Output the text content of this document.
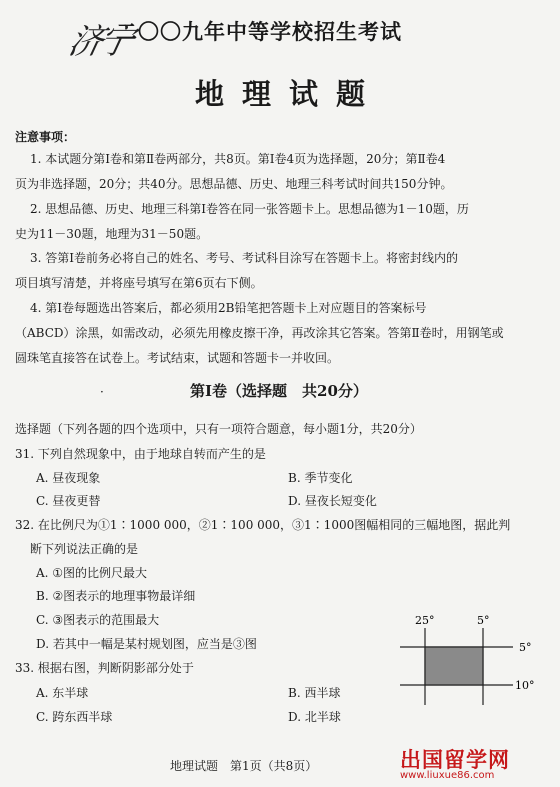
济宁
二〇〇九年中等学校招生考试
地理试题
注意事项：
1. 本试题分第Ⅰ卷和第Ⅱ卷两部分，共8页。第Ⅰ卷4页为选择题，20分；第Ⅱ卷4
页为非选择题，20分；共40分。思想品德、历史、地理三科考试时间共150分钟。
2. 思想品德、历史、地理三科第Ⅰ卷答在同一张答题卡上。思想品德为1－10题，历
史为11－30题，地理为31－50题。
3. 答第Ⅰ卷前务必将自己的姓名、考号、考试科目涂写在答题卡上。将密封线内的
项目填写清楚，并将座号填写在第6页右下侧。
4. 第Ⅰ卷每题选出答案后，都必须用2B铅笔把答题卡上对应题目的答案标号
（ABCD）涂黑，如需改动，必须先用橡皮擦干净，再改涂其它答案。答第Ⅱ卷时，用钢笔或
圆珠笔直接答在试卷上。考试结束，试题和答题卡一并收回。
·	第Ⅰ卷（选择题　共20分）
选择题（下列各题的四个选项中，只有一项符合题意，每小题1分，共20分）
31. 下列自然现象中，由于地球自转而产生的是
A. 昼夜现象	B. 季节变化
C. 昼夜更替	D. 昼夜长短变化
32. 在比例尺为①1∶1000 000，②1∶100 000，③1∶1000图幅相同的三幅地图，据此判
断下列说法正确的是
A. ①图的比例尺最大
B. ②图表示的地理事物最详细
C. ③图表示的范围最大
D. 若其中一幅是某村规划图，应当是③图
33. 根据右图，判断阴影部分处于
A. 东半球	B. 西半球
C. 跨东西半球	D. 北半球
25°	5°
5°
10°
地理试题　第1页（共8页）	出国留学网
www.liuxue86.com
